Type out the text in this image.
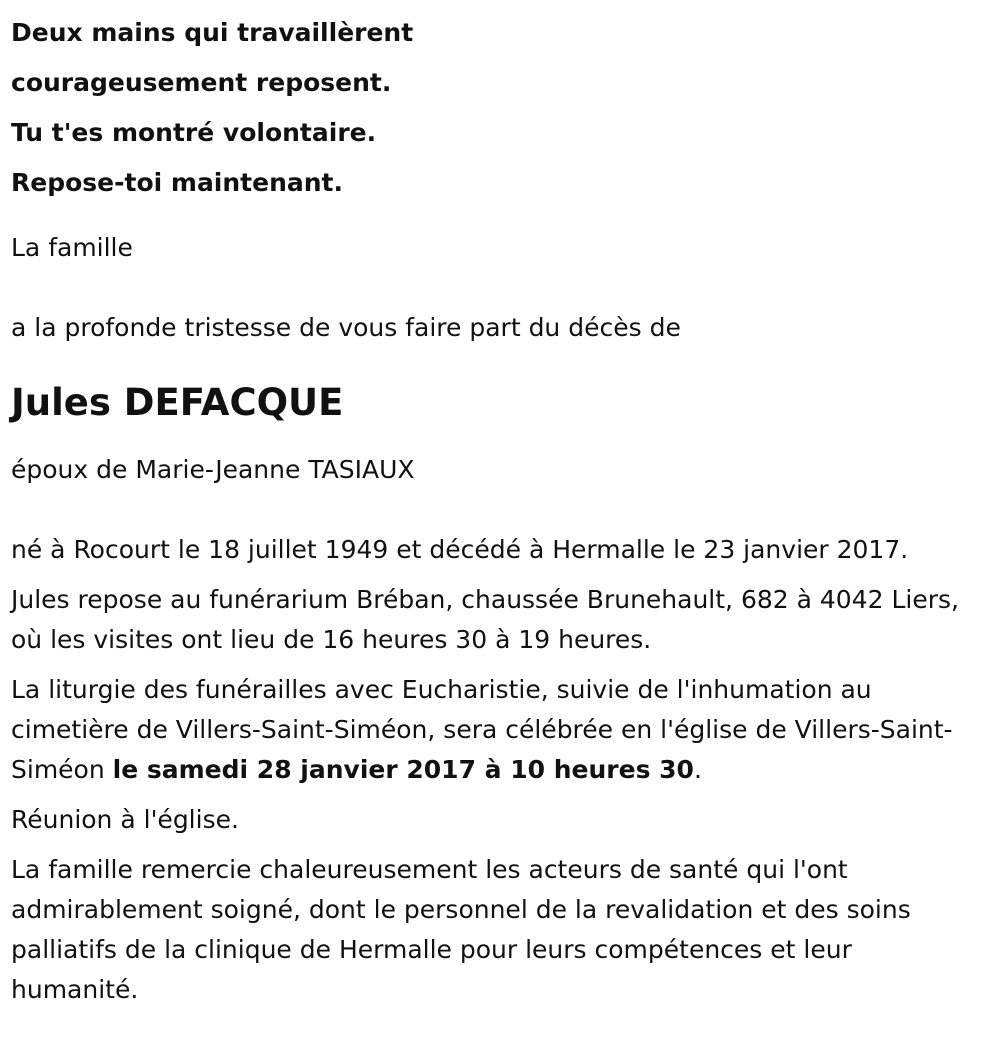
Deux mains qui travaillèrent
courageusement reposent.
Tu t'es montré volontaire.
Repose-toi maintenant.

La famille

a la profonde tristesse de vous faire part du décès de

Jules DEFACQUE

époux de Marie-Jeanne TASIAUX

né à Rocourt le 18 juillet 1949 et décédé à Hermalle le 23 janvier 2017.

Jules repose au funérarium Bréban, chaussée Brunehault, 682 à 4042 Liers, où les visites ont lieu de 16 heures 30 à 19 heures.

La liturgie des funérailles avec Eucharistie, suivie de l'inhumation au cimetière de Villers-Saint-Siméon, sera célébrée en l'église de Villers-Saint-Siméon le samedi 28 janvier 2017 à 10 heures 30.

Réunion à l'église.

La famille remercie chaleureusement les acteurs de santé qui l'ont admirablement soigné, dont le personnel de la revalidation et des soins palliatifs de la clinique de Hermalle pour leurs compétences et leur humanité.
